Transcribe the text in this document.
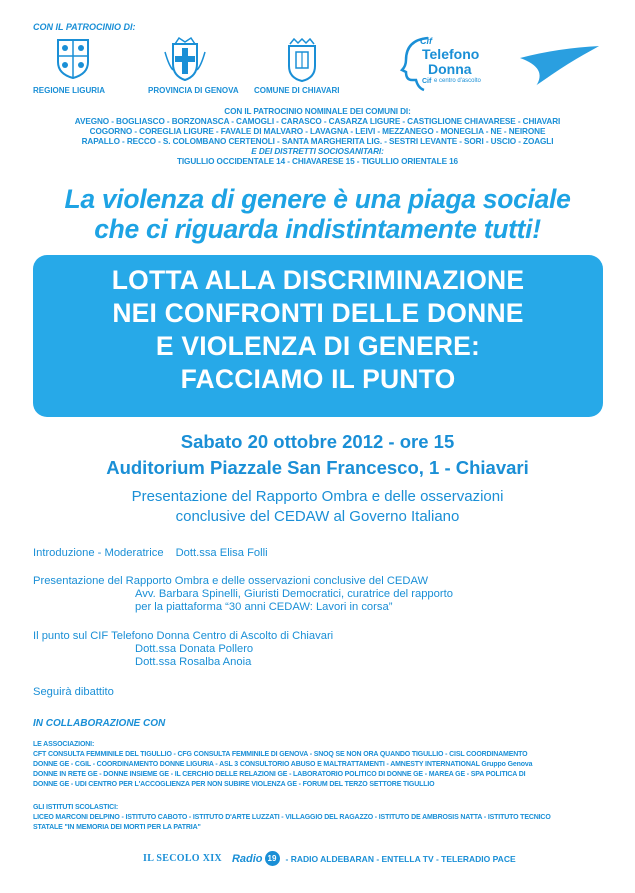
CON IL PATROCINIO DI:
REGIONE LIGURIA	PROVINCIA DI GENOVA COMUNE DI CHIAVARI
Cif
Telefono
Donna
Cif e centro d'ascolto
CON IL PATROCINIO NOMINALE DEI COMUNI DI:
AVEGNO - BOGLIASCO - BORZONASCA - CAMOGLI - CARASCO - CASARZA LIGURE - CASTIGLIONE CHIAVARESE - CHIAVARI
COGORNO - COREGLIA LIGURE - FAVALE DI MALVARO - LAVAGNA - LEIVI - MEZZANEGO - MONEGLIA - NE - NEIRONE
RAPALLO - RECCO - S. COLOMBANO CERTENOLI - SANTA MARGHERITA LIG. - SESTRI LEVANTE - SORI - USCIO - ZOAGLI
E DEI DISTRETTI SOCIOSANITARI:
TIGULLIO OCCIDENTALE 14 - CHIAVARESE 15 - TIGULLIO ORIENTALE 16
La violenza di genere è una piaga sociale
che ci riguarda indistintamente tutti!
LOTTA ALLA DISCRIMINAZIONE
NEI CONFRONTI DELLE DONNE
E VIOLENZA DI GENERE:
FACCIAMO IL PUNTO
Sabato 20 ottobre 2012 - ore 15
Auditorium Piazzale San Francesco, 1 - Chiavari
Presentazione del Rapporto Ombra e delle osservazioni
conclusive del CEDAW al Governo Italiano
Introduzione - Moderatrice Dott.ssa Elisa Folli
Presentazione del Rapporto Ombra e delle osservazioni conclusive del CEDAW
Avv. Barbara Spinelli, Giuristi Democratici, curatrice del rapporto
per la piattaforma “30 anni CEDAW: Lavori in corsa”
Il punto sul CIF Telefono Donna Centro di Ascolto di Chiavari
Dott.ssa Donata Pollero
Dott.ssa Rosalba Anoia
Seguirà dibattito
IN COLLABORAZIONE CON
LE ASSOCIAZIONI:
CFT CONSULTA FEMMINILE DEL TIGULLIO - CFG CONSULTA FEMMINILE DI GENOVA - SNOQ SE NON ORA QUANDO TIGULLIO - CISL COORDINAMENTO
DONNE GE - CGIL - COORDINAMENTO DONNE LIGURIA - ASL 3 CONSULTORIO ABUSO E MALTRATTAMENTI - AMNESTY INTERNATIONAL Gruppo Genova
DONNE IN RETE GE - DONNE INSIEME GE - IL CERCHIO DELLE RELAZIONI GE - LABORATORIO POLITICO DI DONNE GE - MAREA GE - SPA POLITICA DI
DONNE GE - UDI CENTRO PER L'ACCOGLIENZA PER NON SUBIRE VIOLENZA GE - FORUM DEL TERZO SETTORE TIGULLIO
GLI ISTITUTI SCOLASTICI:
LICEO MARCONI DELPINO - ISTITUTO CABOTO - ISTITUTO D'ARTE LUZZATI - VILLAGGIO DEL RAGAZZO - ISTITUTO DE AMBROSIS NATTA - ISTITUTO TECNICO
STATALE "IN MEMORIA DEI MORTI PER LA PATRIA"
IL SECOLO XIX Radio 19	- RADIO ALDEBARAN - ENTELLA TV - TELERADIO PACE
